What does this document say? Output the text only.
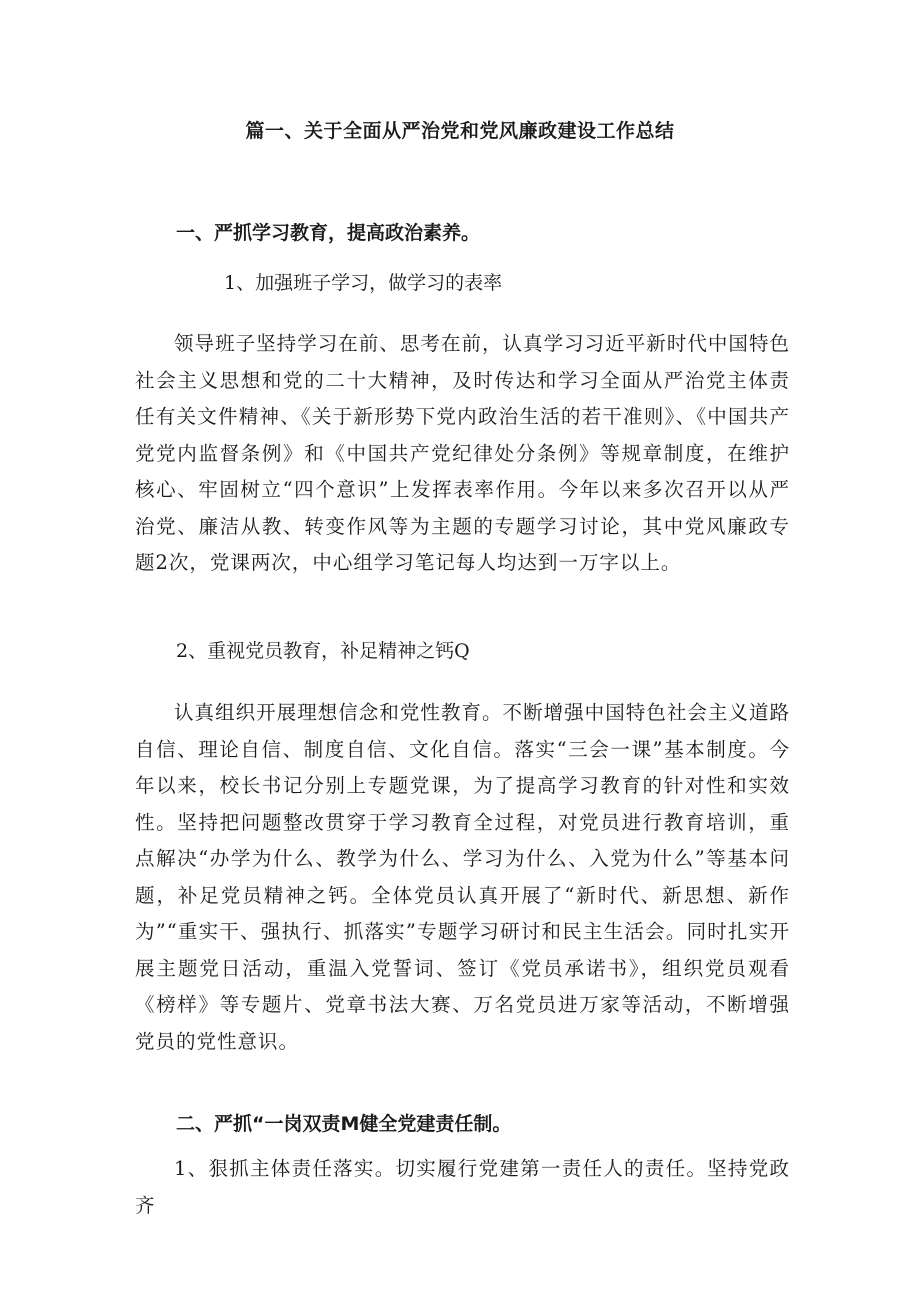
篇一、关于全面从严治党和党风廉政建设工作总结
一、严抓学习教育，提高政治素养。
1、加强班子学习，做学习的表率
领导班子坚持学习在前、思考在前，认真学习习近平新时代中国特色社会主义思想和党的二十大精神，及时传达和学习全面从严治党主体责任有关文件精神、《关于新形势下党内政治生活的若干准则》、《中国共产党党内监督条例》和《中国共产党纪律处分条例》等规章制度，在维护核心、牢固树立“四个意识”上发挥表率作用。今年以来多次召开以从严治党、廉洁从教、转变作风等为主题的专题学习讨论，其中党风廉政专题2次，党课两次，中心组学习笔记每人均达到一万字以上。
2、重视党员教育，补足精神之钙Q
认真组织开展理想信念和党性教育。不断增强中国特色社会主义道路自信、理论自信、制度自信、文化自信。落实“三会一课”基本制度。今年以来，校长书记分别上专题党课，为了提高学习教育的针对性和实效性。坚持把问题整改贯穿于学习教育全过程，对党员进行教育培训，重点解决“办学为什么、教学为什么、学习为什么、入党为什么”等基本问题，补足党员精神之钙。全体党员认真开展了“新时代、新思想、新作为”“重实干、强执行、抓落实”专题学习研讨和民主生活会。同时扎实开展主题党日活动，重温入党誓词、签订《党员承诺书》，组织党员观看《榜样》等专题片、党章书法大赛、万名党员进万家等活动，不断增强党员的党性意识。
二、严抓“一岗双责M健全党建责任制。
1、狠抓主体责任落实。切实履行党建第一责任人的责任。坚持党政齐
